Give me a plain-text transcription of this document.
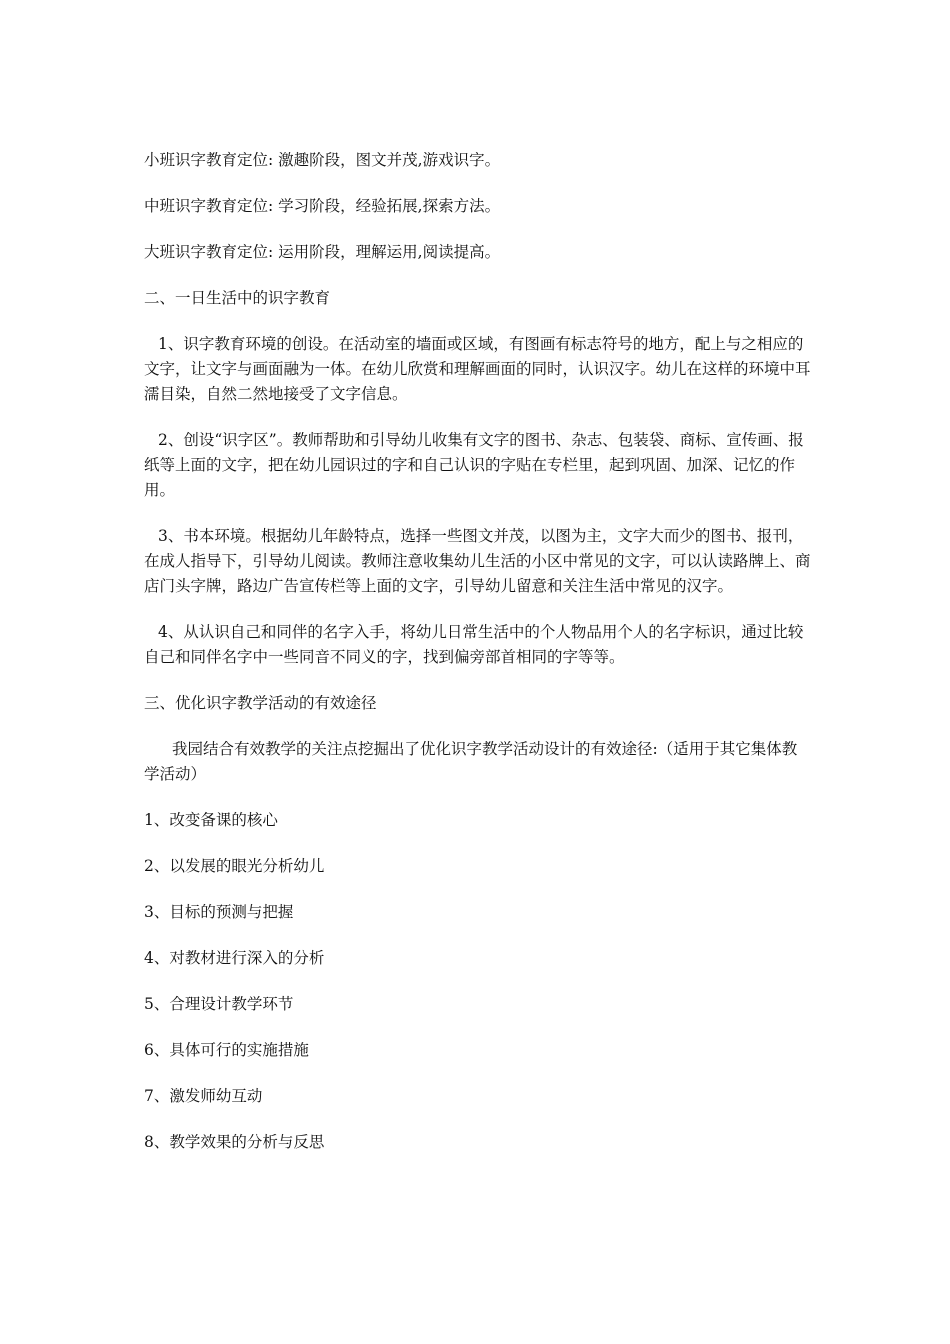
小班识字教育定位: 激趣阶段，图文并茂,游戏识字。

中班识字教育定位: 学习阶段，经验拓展,探索方法。

大班识字教育定位: 运用阶段，理解运用,阅读提高。

二、一日生活中的识字教育

1、识字教育环境的创设。在活动室的墙面或区域，有图画有标志符号的地方，配上与之相应的文字，让文字与画面融为一体。在幼儿欣赏和理解画面的同时，认识汉字。幼儿在这样的环境中耳濡目染，自然二然地接受了文字信息。

2、创设“识字区”。教师帮助和引导幼儿收集有文字的图书、杂志、包装袋、商标、宣传画、报纸等上面的文字，把在幼儿园识过的字和自己认识的字贴在专栏里，起到巩固、加深、记忆的作用。

3、书本环境。根据幼儿年龄特点，选择一些图文并茂，以图为主，文字大而少的图书、报刊，在成人指导下，引导幼儿阅读。教师注意收集幼儿生活的小区中常见的文字，可以认读路牌上、商店门头字牌，路边广告宣传栏等上面的文字，引导幼儿留意和关注生活中常见的汉字。

4、从认识自己和同伴的名字入手，将幼儿日常生活中的个人物品用个人的名字标识，通过比较自己和同伴名字中一些同音不同义的字，找到偏旁部首相同的字等等。

三、优化识字教学活动的有效途径

我园结合有效教学的关注点挖掘出了优化识字教学活动设计的有效途径:（适用于其它集体教学活动）

1、改变备课的核心

2、以发展的眼光分析幼儿

3、目标的预测与把握

4、对教材进行深入的分析

5、合理设计教学环节

6、具体可行的实施措施

7、激发师幼互动

8、教学效果的分析与反思
